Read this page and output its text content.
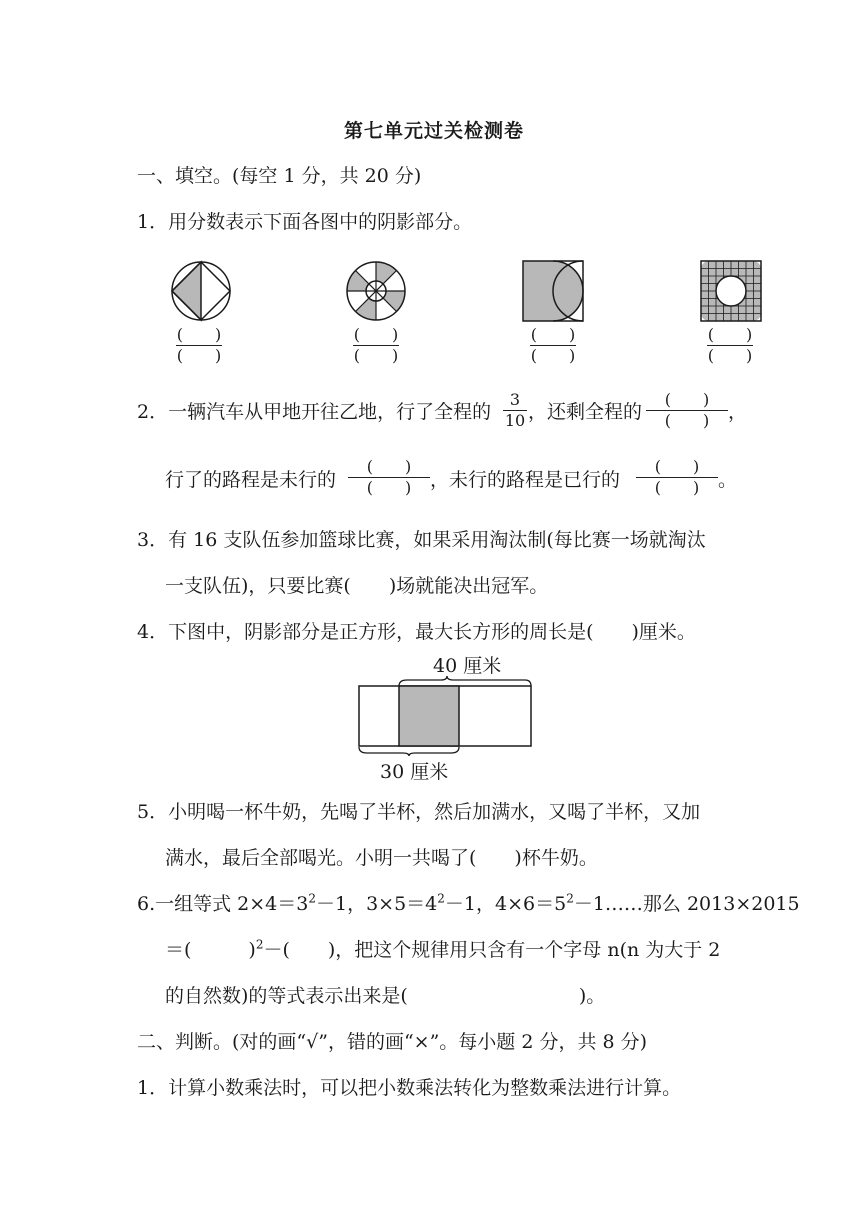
第七单元过关检测卷
一、填空。(每空 1 分，共 20 分)
1．用分数表示下面各图中的阴影部分。
(　　)
(　　)
(　　)
(　　)
(　　)
(　　)
(　　)
(　　)
2．一辆汽车从甲地开往乙地，行了全程的
3
10 ，还剩全程的
(　　)
(　　) ，
行了的路程是未行的
(　　)
(　　) ，未行的路程是已行的
(　　)
(　　) 。
3．有 16 支队伍参加篮球比赛，如果采用淘汰制(每比赛一场就淘汰
一支队伍)，只要比赛(　　)场就能决出冠军。
4．下图中，阴影部分是正方形，最大长方形的周长是(　　)厘米。
40 厘米
30 厘米
5．小明喝一杯牛奶，先喝了半杯，然后加满水，又喝了半杯，又加
满水，最后全部喝光。小明一共喝了(　　)杯牛奶。
6.一组等式 $2\times 4=3^2-1$，$3\times 5=4^2-1$，$4\times 6=5^2-1\dots\dots$那么 2013×2015
＝(　　　)$^2$－(　　)，把这个规律用只含有一个字母 n(n 为大于 2
的自然数)的等式表示出来是(　　　　　　　　　)。
二、判断。(对的画“√”，错的画“×”。每小题 2 分，共 8 分)
1．计算小数乘法时，可以把小数乘法转化为整数乘法进行计算。
